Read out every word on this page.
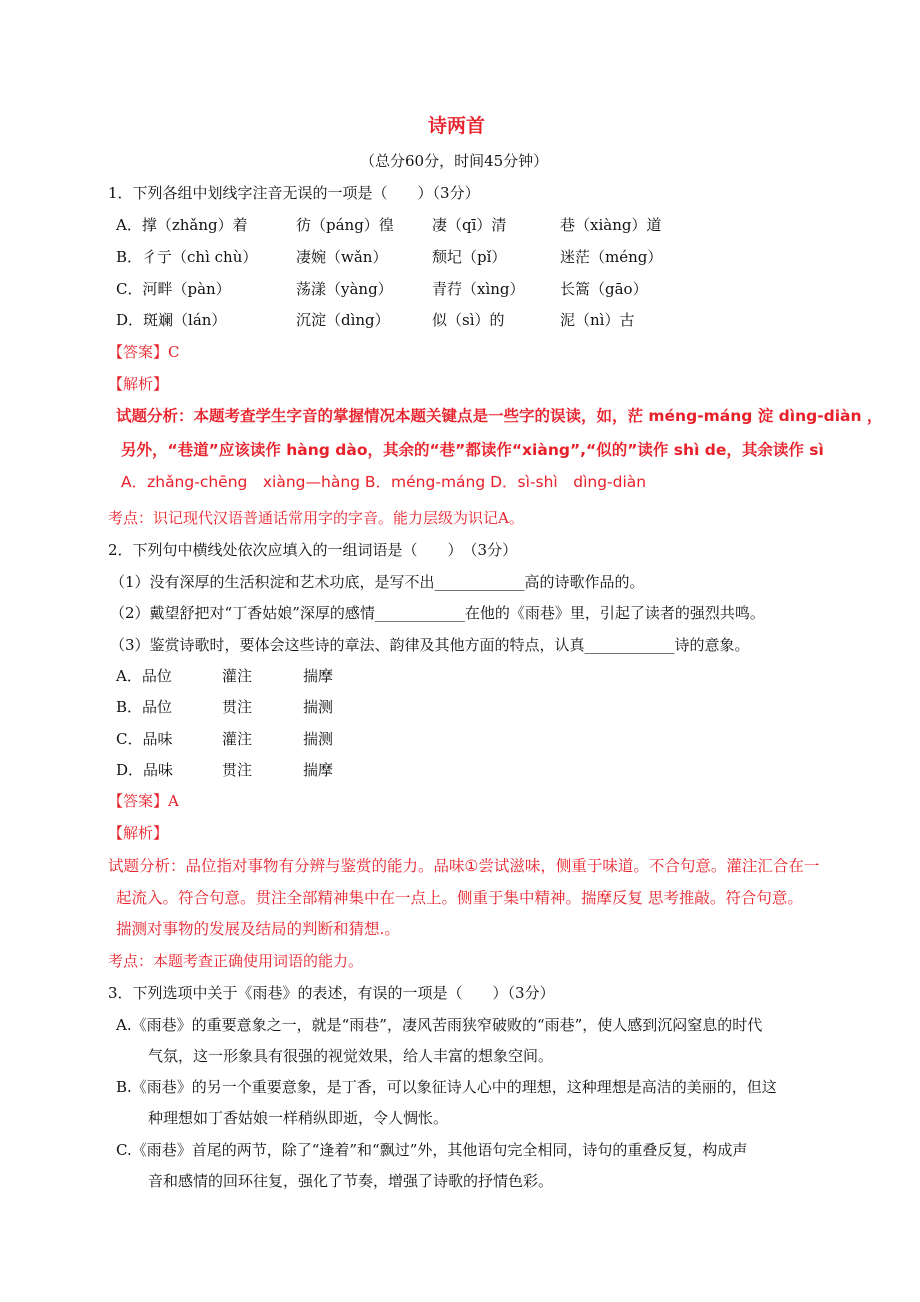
诗两首
（总分60分，时间45分钟）
1．下列各组中划线字注音无误的一项是（　　）（3分）
A．撑（zhǎng）着	彷（páng）徨	凄（qī）清	巷（xiàng）道
B．彳亍（chì chù）	凄婉（wǎn）	颓圮（pǐ）	迷茫（méng）
C．河畔（pàn）	荡漾（yàng）	青荇（xìng） 长篙（gāo）
D．斑斓（lán）	沉淀（dìng）	似（sì）的	泥（nì）古
【答案】C
【解析】
试题分析：本题考查学生字音的掌握情况本题关键点是一些字的误读，如，茫 méng-máng 淀 dìng-diàn ，
另外，“巷道”应该读作 hàng dào，其余的“巷”都读作“xiàng”,“似的”读作 shì de，其余读作 sì
A．zhǎng-chēng　xiàng—hàng B．méng-máng D．sì-shì　dìng-diàn
考点：识记现代汉语普通话常用字的字音。能力层级为识记A。
2．下列句中横线处依次应填入的一组词语是（　　）　（3分）
（1）没有深厚的生活积淀和艺术功底，是写不出____________高的诗歌作品的。
（2）戴望舒把对“丁香姑娘”深厚的感情____________在他的《雨巷》里，引起了读者的强烈共鸣。
（3）鉴赏诗歌时，要体会这些诗的章法、韵律及其他方面的特点，认真____________诗的意象。
A．品位	灌注	揣摩
B．品位	贯注	揣测
C．品味	灌注	揣测
D．品味	贯注	揣摩
【答案】A
【解析】
试题分析：品位指对事物有分辨与鉴赏的能力。品味①尝试滋味，侧重于味道。不合句意。灌注汇合在一
起流入。符合句意。贯注全部精神集中在一点上。侧重于集中精神。揣摩反复 思考推敲。符合句意。
揣测对事物的发展及结局的判断和猜想.。
考点：本题考查正确使用词语的能力。
3．下列选项中关于《雨巷》的表述，有误的一项是（　　）（3分）
A.《雨巷》的重要意象之一，就是“雨巷”，凄风苦雨狭窄破败的“雨巷”，使人感到沉闷窒息的时代
气氛，这一形象具有很强的视觉效果，给人丰富的想象空间。
B.《雨巷》的另一个重要意象，是丁香，可以象征诗人心中的理想，这种理想是高洁的美丽的，但这
种理想如丁香姑娘一样稍纵即逝，令人惆怅。
C.《雨巷》首尾的两节，除了“逢着”和“飘过”外，其他语句完全相同，诗句的重叠反复，构成声
音和感情的回环往复，强化了节奏，增强了诗歌的抒情色彩。
